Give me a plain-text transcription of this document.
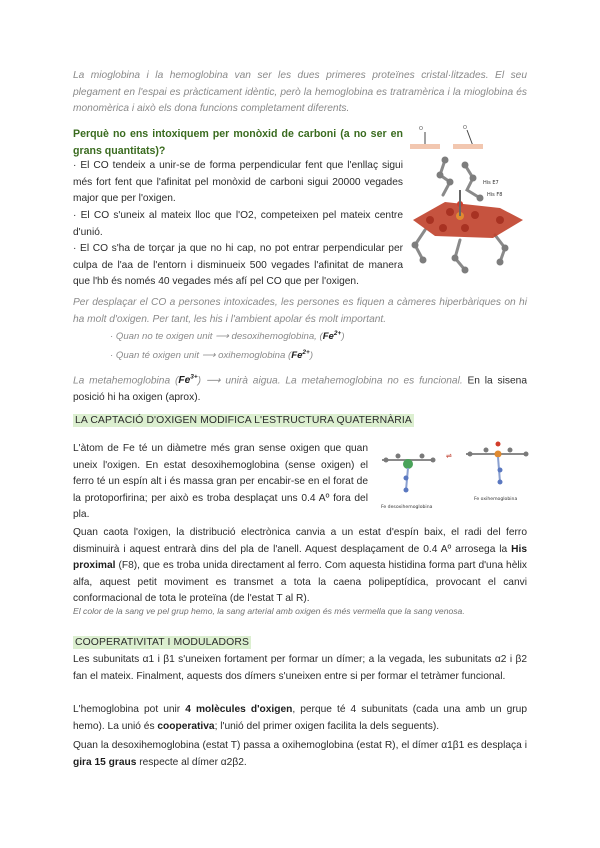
La mioglobina i la hemoglobina van ser les dues primeres proteïnes cristal·litzades. El seu plegament en l'espai es pràcticament idèntic, però la hemoglobina es tratramèrica i la mioglobina és monomèrica i això els dona funcions completament diferents.

Perquè no ens intoxiquem per monòxid de carboni (a no ser en grans quantitats)?

· El CO tendeix a unir-se de forma perpendicular fent que l'enllaç sigui més fort fent que l'afinitat pel monòxid de carboni sigui 20000 vegades major que per l'oxigen.

· El CO s'uneix al mateix lloc que l'O2, competeixen pel mateix centre d'unió.

· El CO s'ha de torçar ja que no hi cap, no pot entrar perpendicular per culpa de l'aa de l'entorn i disminueix 500 vegades l'afinitat de manera que l'hb és només 40 vegades més afí pel CO que per l'oxigen.

O	O
His E7
His F8

Per desplaçar el CO a persones intoxicades, les persones es fiquen a càmeres hiperbàriques on hi ha molt d'oxigen. Per tant, les his i l'ambient apolar és molt important.

· Quan no te oxigen unit ⟶ desoxihemoglobina, $(Fe^{2+})$
· Quan té oxigen unit ⟶ oxihemoglobina $(Fe^{2+})$

La metahemoglobina $(Fe^{3+})$ ⟶ unirà aigua. La metahemoglobina no es funcional. En la sisena posició hi ha oxigen (aprox).

LA CAPTACIÓ D'OXIGEN MODIFICA L'ESTRUCTURA QUATERNÀRIA

L'àtom de Fe té un diàmetre més gran sense oxigen que quan uneix l'oxigen. En estat desoxihemoglobina (sense oxigen) el ferro té un espín alt i és massa gran per encabir-se en el forat de la protoporfirina; per això es troba desplaçat uns 0.4 Aº fora del pla.

⇌
Fe desoxihemoglobina
Fe oxihemoglobina

Quan caota l'oxigen, la distribució electrònica canvia a un estat d'espín baix, el radi del ferro disminuirà i aquest entrarà dins del pla de l'anell. Aquest desplaçament de 0.4 Aº arrosega la His proximal (F8), que es troba unida directament al ferro. Com aquesta histidina forma part d'una hèlix alfa, aquest petit moviment es transmet a tota la caena polipeptídica, provocant el canvi conformacional de tota le proteïna (de l'estat T al R).

El color de la sang ve pel grup hemo, la sang arterial amb oxigen és més vermella que la sang venosa.

COOPERATIVITAT I MODULADORS

Les subunitats α1 i β1 s'uneixen fortament per formar un dímer; a la vegada, les subunitats α2 i β2 fan el mateix. Finalment, aquests dos dímers s'uneixen entre si per formar el tetràmer funcional.

L'hemoglobina pot unir 4 molècules d'oxigen, perque té 4 subunitats (cada una amb un grup hemo). La unió és cooperativa; l'unió del primer oxigen facilita la dels seguents).

Quan la desoxihemoglobina (estat T) passa a oxihemoglobina (estat R), el dímer α1β1 es desplaça i gira 15 graus respecte al dímer α2β2.
